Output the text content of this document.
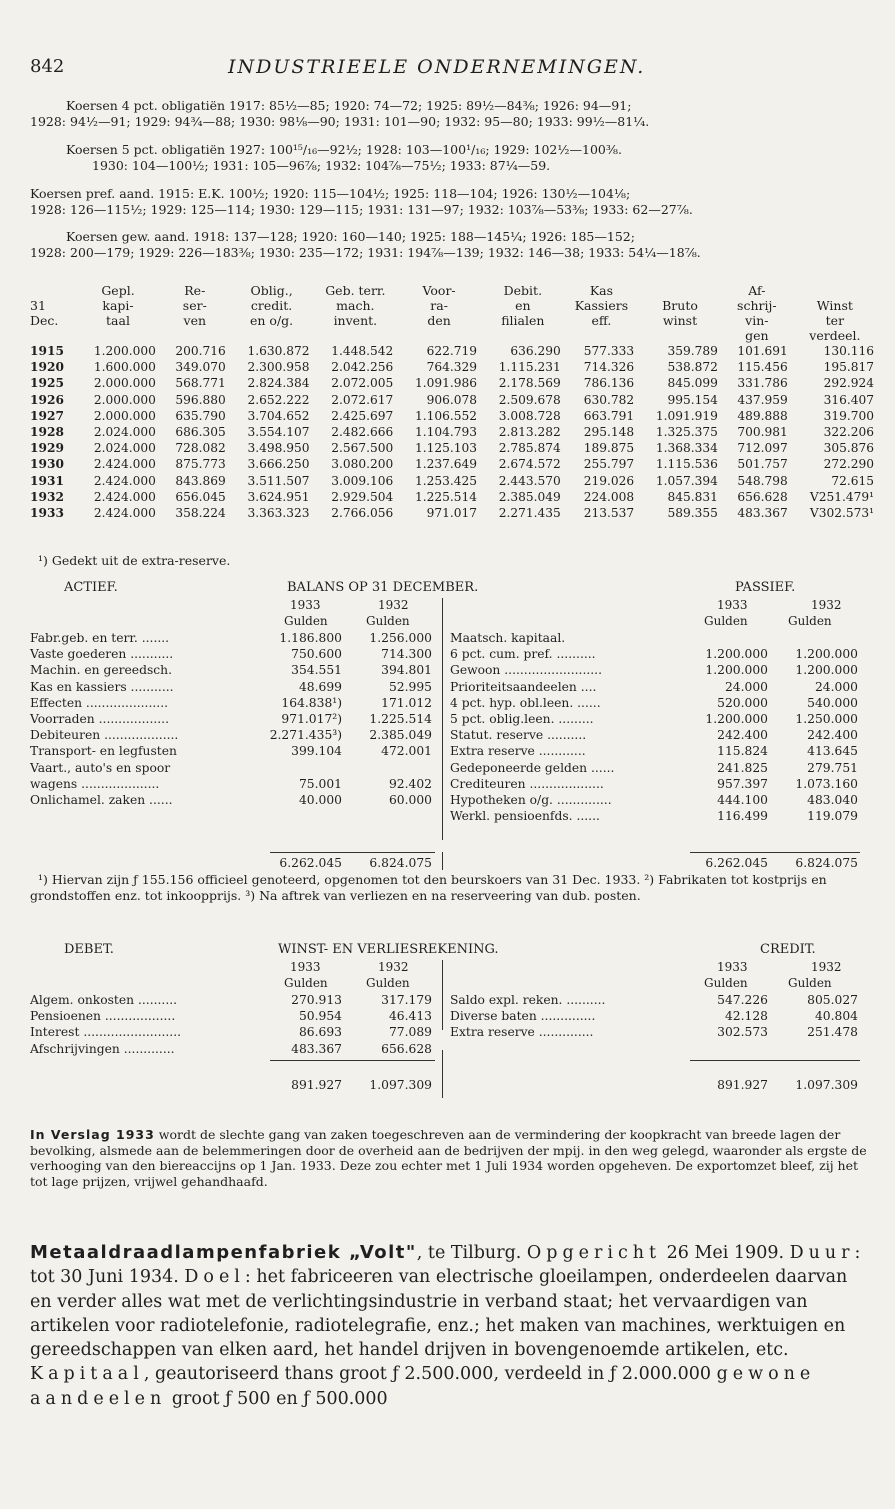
842	INDUSTRIEELE ONDERNEMINGEN.
Koersen 4 pct. obligatiën 1917: 85½—85; 1920: 74—72; 1925: 89½—84⅜; 1926: 94—91;
1928: 94½—91; 1929: 94¾—88; 1930: 98⅛—90; 1931: 101—90; 1932: 95—80; 1933: 99½—81¼.
Koersen 5 pct. obligatiën 1927: 100¹⁵/₁₆—92½; 1928: 103—100¹/₁₆; 1929: 102½—100⅜.
1930: 104—100½; 1931: 105—96⅞; 1932: 104⅞—75½; 1933: 87¼—59.
Koersen pref. aand. 1915: E.K. 100½; 1920: 115—104½; 1925: 118—104; 1926: 130½—104⅛;
1928: 126—115½; 1929: 125—114; 1930: 129—115; 1931: 131—97; 1932: 103⅞—53⅜; 1933: 62—27⅞.
Koersen gew. aand. 1918: 137—128; 1920: 160—140; 1925: 188—145¼; 1926: 185—152;
1928: 200—179; 1929: 226—183⅜; 1930: 235—172; 1931: 194⅞—139; 1932: 146—38; 1933: 54¼—18⅞.
	Gepl.	Re-	Oblig.,	Geb. terr.	Voor-	Debit.	Kas		Af-	
31	kapi-	ser-	credit.	mach.	ra-	en	Kassiers	Bruto	schrij-	Winst
Dec.	taal	ven	en o/g.	invent.	den	filialen	eff.	winst	vin-	ter
									gen	verdeel.
1915	1.200.000	200.716	1.630.872	1.448.542	622.719	636.290	577.333	359.789	101.691	130.116
1920	1.600.000	349.070	2.300.958	2.042.256	764.329	1.115.231	714.326	538.872	115.456	195.817
1925	2.000.000	568.771	2.824.384	2.072.005	1.091.986	2.178.569	786.136	845.099	331.786	292.924
1926	2.000.000	596.880	2.652.222	2.072.617	906.078	2.509.678	630.782	995.154	437.959	316.407
1927	2.000.000	635.790	3.704.652	2.425.697	1.106.552	3.008.728	663.791	1.091.919	489.888	319.700
1928	2.024.000	686.305	3.554.107	2.482.666	1.104.793	2.813.282	295.148	1.325.375	700.981	322.206
1929	2.024.000	728.082	3.498.950	2.567.500	1.125.103	2.785.874	189.875	1.368.334	712.097	305.876
1930	2.424.000	875.773	3.666.250	3.080.200	1.237.649	2.674.572	255.797	1.115.536	501.757	272.290
1931	2.424.000	843.869	3.511.507	3.009.106	1.253.425	2.443.570	219.026	1.057.394	548.798	72.615
1932	2.424.000	656.045	3.624.951	2.929.504	1.225.514	2.385.049	224.008	845.831	656.628	V251.479¹
1933	2.424.000	358.224	3.363.323	2.766.056	971.017	2.271.435	213.537	589.355	483.367	V302.573¹
¹) Gedekt uit de extra-reserve.
ACTIEF.	BALANS OP 31 DECEMBER.	PASSIEF.
1933	1932	1933	1932
Gulden	Gulden	Gulden	Gulden
Fabr.geb. en terr. .......	1.186.800	1.256.000
Vaste goederen ...........	750.600	714.300
Machin. en gereedsch.	354.551	394.801
Kas en kassiers ...........	48.699	52.995
Effecten .....................	164.838¹)	171.012
Voorraden ..................	971.017²)	1.225.514
Debiteuren ...................	2.271.435³)	2.385.049
Transport- en legfusten	399.104	472.001
Vaart., auto's en spoor
wagens ....................	75.001	92.402
Onlichamel. zaken ......	40.000	60.000
Maatsch. kapitaal.
6 pct. cum. pref. ..........	1.200.000	1.200.000
Gewoon .........................	1.200.000	1.200.000
Prioriteitsaandeelen ....	24.000	24.000
4 pct. hyp. obl.leen. ......	520.000	540.000
5 pct. oblig.leen. .........	1.200.000	1.250.000
Statut. reserve ..........	242.400	242.400
Extra reserve ............	115.824	413.645
Gedeponeerde gelden ......	241.825	279.751
Crediteuren ...................	957.397	1.073.160
Hypotheken o/g. ..............	444.100	483.040
Werkl. pensioenfds. ......	116.499	119.079
6.262.045	6.824.075	6.262.045	6.824.075
¹) Hiervan zijn ƒ 155.156 officieel genoteerd, opgenomen tot den beurskoers van 31 Dec. 1933. ²) Fabrikaten tot kostprijs en grondstoffen enz. tot inkoopprijs. ³) Na aftrek van verliezen en na reserveering van dub. posten.
DEBET.	WINST- EN VERLIESREKENING.	CREDIT.
1933	1932	1933	1932
Gulden	Gulden	Gulden	Gulden
Algem. onkosten ..........	270.913	317.179
Pensioenen ..................	50.954	46.413
Interest .........................	86.693	77.089
Afschrijvingen .............	483.367	656.628
Saldo expl. reken. ..........	547.226	805.027
Diverse baten ..............	42.128	40.804
Extra reserve ..............	302.573	251.478
891.927	1.097.309	891.927	1.097.309
In Verslag 1933 wordt de slechte gang van zaken toegeschreven aan de vermindering der koopkracht van breede lagen der bevolking, alsmede aan de belemmeringen door de overheid aan de bedrijven der mpij. in den weg gelegd, waaronder als ergste de verhooging van den biereaccijns op 1 Jan. 1933. Deze zou echter met 1 Juli 1934 worden opgeheven. De exportomzet bleef, zij het tot lage prijzen, vrijwel gehandhaafd.
Metaaldraadlampenfabriek „Volt", te Tilburg. Opgericht 26 Mei 1909. Duur: tot 30 Juni 1934. Doel: het fabriceeren van electrische gloeilampen, onderdeelen daarvan en verder alles wat met de verlichtingsindustrie in verband staat; het vervaardigen van artikelen voor radiotelefonie, radiotelegrafie, enz.; het maken van machines, werktuigen en gereedschappen van elken aard, het handel drijven in bovengenoemde artikelen, etc. Kapitaal, geautoriseerd thans groot ƒ 2.500.000, verdeeld in ƒ 2.000.000 gewone aandeelen groot ƒ 500 en ƒ 500.000
